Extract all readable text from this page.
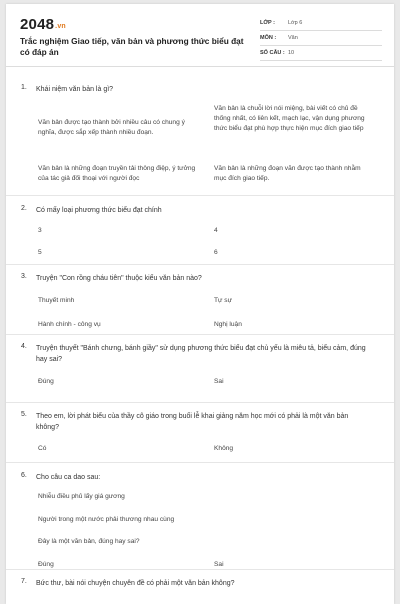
2048.vn
Trắc nghiệm Giao tiếp, văn bản và phương thức biểu đạt có đáp án
LỚP :	Lớp 6
MÔN :	Văn
SỐ CÂU : 10
1. Khái niệm văn bản là gì?
Văn bản được tạo thành bởi nhiều câu có chung ý nghĩa, được sắp xếp thành nhiều đoạn.
Văn bản là chuỗi lời nói miệng, bài viết có chủ đề thống nhất, có liên kết, mạch lạc, vận dụng phương thức biểu đạt phù hợp thực hiện mục đích giao tiếp
Văn bản là những đoạn truyền tải thông điệp, ý tưởng của tác giả đối thoại với người đọc
Văn bản là những đoạn văn được tạo thành nhằm mục đích giao tiếp.
2. Có mấy loại phương thức biểu đạt chính
3	4
5	6
3. Truyện "Con rồng cháu tiên" thuộc kiểu văn bản nào?
Thuyết minh	Tự sự
Hành chính - công vụ	Nghị luận
4. Truyện thuyết "Bánh chưng, bánh giầy" sử dụng phương thức biểu đạt chủ yếu là miêu tả, biểu cảm, đúng hay sai?
Đúng	Sai
5. Theo em, lời phát biểu của thầy cô giáo trong buổi lễ khai giảng năm học mới có phải là một văn bản không?
Có	Không
6. Cho câu ca dao sau:
Nhiễu điều phủ lấy giá gương
Người trong một nước phải thương nhau cùng
Đây là một văn bản, đúng hay sai?
Đúng	Sai
7. Bức thư, bài nói chuyện chuyên đề có phải một văn bản không?
